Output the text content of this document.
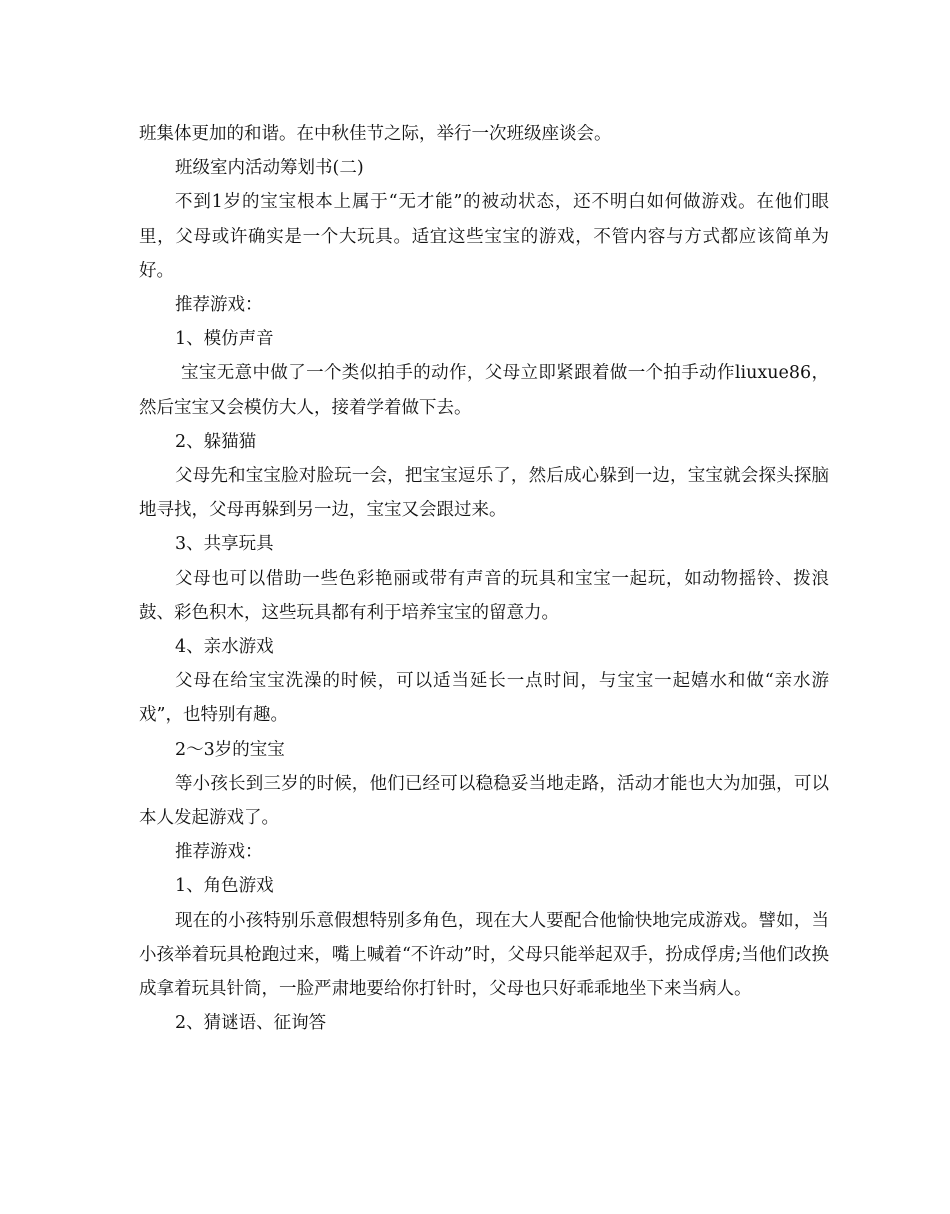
班集体更加的和谐。在中秋佳节之际，举行一次班级座谈会。

班级室内活动筹划书(二)

不到1岁的宝宝根本上属于“无才能”的被动状态，还不明白如何做游戏。在他们眼里，父母或许确实是一个大玩具。适宜这些宝宝的游戏，不管内容与方式都应该简单为好。

推荐游戏：

1、模仿声音

宝宝无意中做了一个类似拍手的动作，父母立即紧跟着做一个拍手动作liuxue86，然后宝宝又会模仿大人，接着学着做下去。

2、躲猫猫

父母先和宝宝脸对脸玩一会，把宝宝逗乐了，然后成心躲到一边，宝宝就会探头探脑地寻找，父母再躲到另一边，宝宝又会跟过来。

3、共享玩具

父母也可以借助一些色彩艳丽或带有声音的玩具和宝宝一起玩，如动物摇铃、拨浪鼓、彩色积木，这些玩具都有利于培养宝宝的留意力。

4、亲水游戏

父母在给宝宝洗澡的时候，可以适当延长一点时间，与宝宝一起嬉水和做“亲水游戏”，也特别有趣。

2～3岁的宝宝

等小孩长到三岁的时候，他们已经可以稳稳妥当地走路，活动才能也大为加强，可以本人发起游戏了。

推荐游戏：

1、角色游戏

现在的小孩特别乐意假想特别多角色，现在大人要配合他愉快地完成游戏。譬如，当小孩举着玩具枪跑过来，嘴上喊着“不许动”时，父母只能举起双手，扮成俘虏;当他们改换成拿着玩具针筒，一脸严肃地要给你打针时，父母也只好乖乖地坐下来当病人。

2、猜谜语、征询答
